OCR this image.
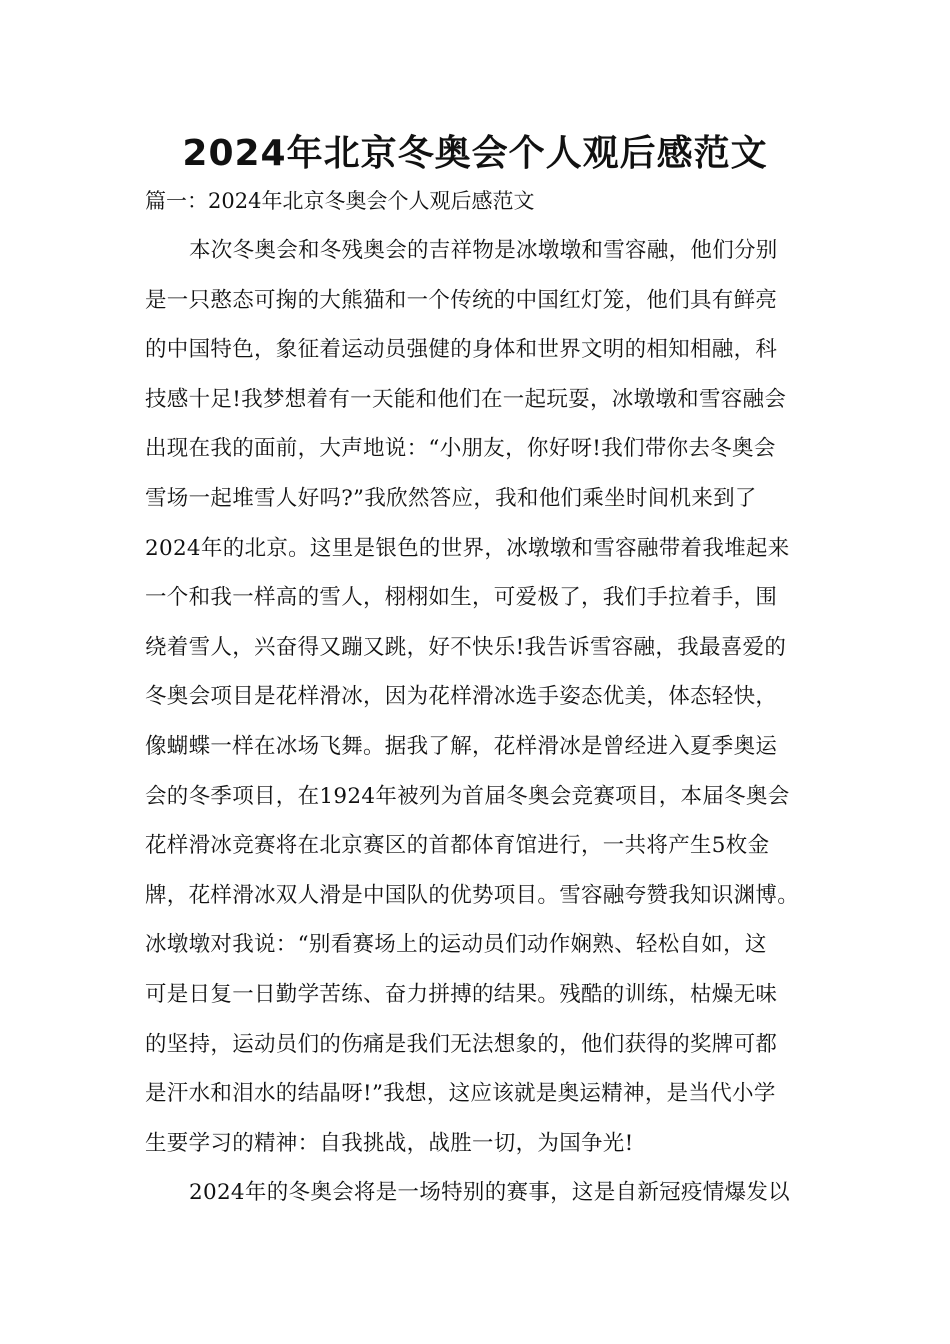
2024年北京冬奥会个人观后感范文

篇一：2024年北京冬奥会个人观后感范文

本次冬奥会和冬残奥会的吉祥物是冰墩墩和雪容融，他们分别

是一只憨态可掬的大熊猫和一个传统的中国红灯笼，他们具有鲜亮

的中国特色，象征着运动员强健的身体和世界文明的相知相融，科

技感十足!我梦想着有一天能和他们在一起玩耍，冰墩墩和雪容融会

出现在我的面前，大声地说：“小朋友，你好呀!我们带你去冬奥会

雪场一起堆雪人好吗?”我欣然答应，我和他们乘坐时间机来到了

2024年的北京。这里是银色的世界，冰墩墩和雪容融带着我堆起来

一个和我一样高的雪人，栩栩如生，可爱极了，我们手拉着手，围

绕着雪人，兴奋得又蹦又跳，好不快乐!我告诉雪容融，我最喜爱的

冬奥会项目是花样滑冰，因为花样滑冰选手姿态优美，体态轻快，

像蝴蝶一样在冰场飞舞。据我了解，花样滑冰是曾经进入夏季奥运

会的冬季项目，在1924年被列为首届冬奥会竞赛项目，本届冬奥会

花样滑冰竞赛将在北京赛区的首都体育馆进行，一共将产生5枚金

牌，花样滑冰双人滑是中国队的优势项目。雪容融夸赞我知识渊博。

冰墩墩对我说：“别看赛场上的运动员们动作娴熟、轻松自如，这

可是日复一日勤学苦练、奋力拼搏的结果。残酷的训练，枯燥无味

的坚持，运动员们的伤痛是我们无法想象的，他们获得的奖牌可都

是汗水和泪水的结晶呀!”我想，这应该就是奥运精神，是当代小学

生要学习的精神：自我挑战，战胜一切，为国争光!

2024年的冬奥会将是一场特别的赛事，这是自新冠疫情爆发以
